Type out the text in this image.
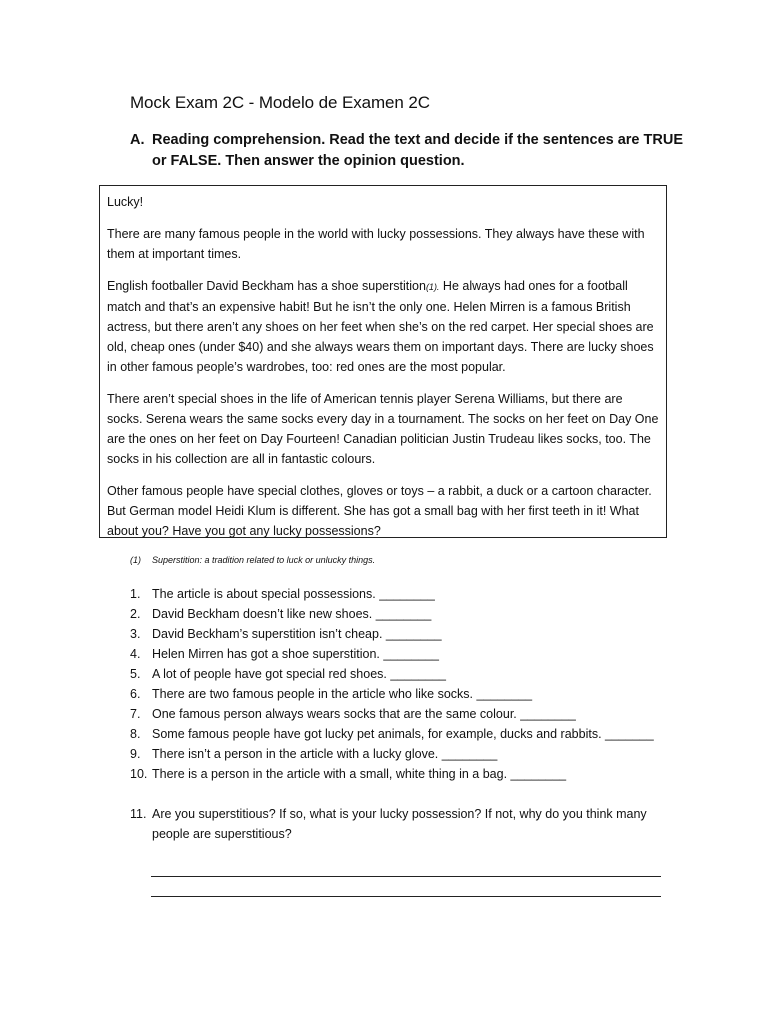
Mock Exam 2C - Modelo de Examen 2C
A. Reading comprehension. Read the text and decide if the sentences are TRUE or FALSE. Then answer the opinion question.

Lucky!

There are many famous people in the world with lucky possessions. They always have these with them at important times.

English footballer David Beckham has a shoe superstition(1). He always had ones for a football match and that’s an expensive habit! But he isn’t the only one. Helen Mirren is a famous British actress, but there aren’t any shoes on her feet when she’s on the red carpet. Her special shoes are old, cheap ones (under $40) and she always wears them on important days. There are lucky shoes in other famous people’s wardrobes, too: red ones are the most popular.

There aren’t special shoes in the life of American tennis player Serena Williams, but there are socks. Serena wears the same socks every day in a tournament. The socks on her feet on Day One are the ones on her feet on Day Fourteen! Canadian politician Justin Trudeau likes socks, too. The socks in his collection are all in fantastic colours.

Other famous people have special clothes, gloves or toys – a rabbit, a duck or a cartoon character. But German model Heidi Klum is different. She has got a small bag with her first teeth in it! What about you? Have you got any lucky possessions?

(1) Superstition: a tradition related to luck or unlucky things.
1. The article is about special possessions. ________
2. David Beckham doesn’t like new shoes. ________
3. David Beckham’s superstition isn’t cheap. ________
4. Helen Mirren has got a shoe superstition. ________
5. A lot of people have got special red shoes. ________
6. There are two famous people in the article who like socks. ________
7. One famous person always wears socks that are the same colour. ________
8. Some famous people have got lucky pet animals, for example, ducks and rabbits. _______
9. There isn’t a person in the article with a lucky glove. ________
10. There is a person in the article with a small, white thing in a bag. ________
11. Are you superstitious? If so, what is your lucky possession? If not, why do you think many people are superstitious?
